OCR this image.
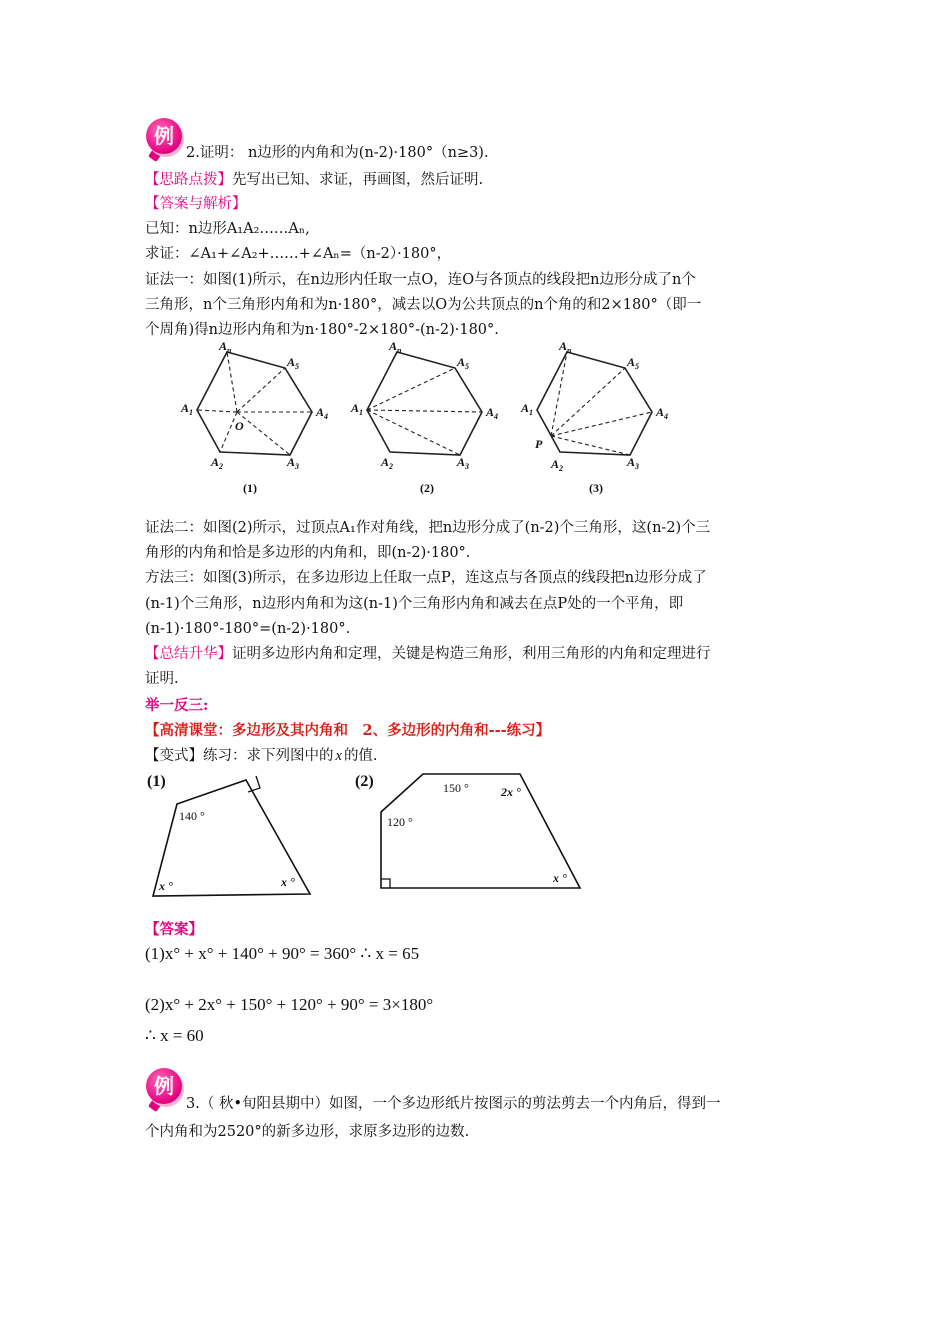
例
2.证明： n边形的内角和为(n-2)·180°（n≥3).
【思路点拨】先写出已知、求证，再画图，然后证明.
【答案与解析】
已知：n边形A₁A₂……Aₙ,
求证：∠A₁+∠A₂+……+∠Aₙ=（n-2）·180°，
证法一：如图(1)所示，在n边形内任取一点O，连O与各顶点的线段把n边形分成了n个
三角形，n个三角形内角和为n·180°，减去以O为公共顶点的n个角的和2×180°（即一
个周角)得n边形内角和为n·180°-2×180°-(n-2)·180°.
$A_n$
$A_5$
$A_4$
$A_3$
$A_2$
$A_1$
O
$A_n$
$A_5$
$A_4$
$A_3$
$A_2$
$A_1$
$A_n$
$A_5$
$A_4$
$A_3$
$A_2$
$A_1$
P
(1)	(2)	(3)
证法二：如图(2)所示，过顶点A₁作对角线，把n边形分成了(n-2)个三角形，这(n-2)个三
角形的内角和恰是多边形的内角和，即(n-2)·180°.
方法三：如图(3)所示，在多边形边上任取一点P，连这点与各顶点的线段把n边形分成了
(n-1)个三角形，n边形内角和为这(n-1)个三角形内角和减去在点P处的一个平角，即
(n-1)·180°-180°=(n-2)·180°.
【总结升华】证明多边形内角和定理，关键是构造三角形，利用三角形的内角和定理进行
证明.
举一反三:
【高清课堂：多边形及其内角和　2、多边形的内角和---练习】
【变式】练习：求下列图中的 x 的值.
(1)	(2)
140 °
x °	x °
150 °	2x °
120 °
x °
【答案】
(1)x° + x° + 140° + 90° = 360° ∴ x = 65
(2)x° + 2x° + 150° + 120° + 90° = 3×180°
∴ x = 60
例
3.（ 秋•旬阳县期中）如图，一个多边形纸片按图示的剪法剪去一个内角后，得到一
个内角和为2520°的新多边形，求原多边形的边数.
